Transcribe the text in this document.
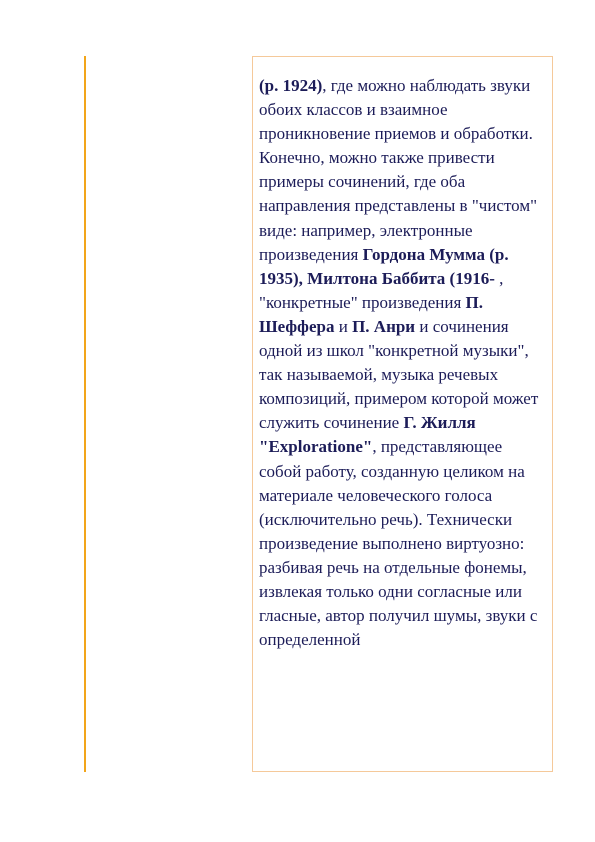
(р. 1924), где можно наблюдать звуки обоих классов и взаимное проникновение приемов и обработки. Конечно, можно также привести примеры сочинений, где оба направления представлены в "чистом" виде: например, электронные произведения Гордона Мумма (р. 1935), Милтона Баббита (1916- , "конкретные" произведения П. Шеффера и П. Анри и сочинения одной из школ "конкретной музыки", так называемой, музыка речевых композиций, примером которой может служить сочинение Г. Жилля "Exploratione", представляющее собой работу, созданную целиком на материале человеческого голоса (исключительно речь). Технически произведение выполнено виртуозно: разбивая речь на отдельные фонемы, извлекая только одни согласные или гласные, автор получил шумы, звуки с определенной
